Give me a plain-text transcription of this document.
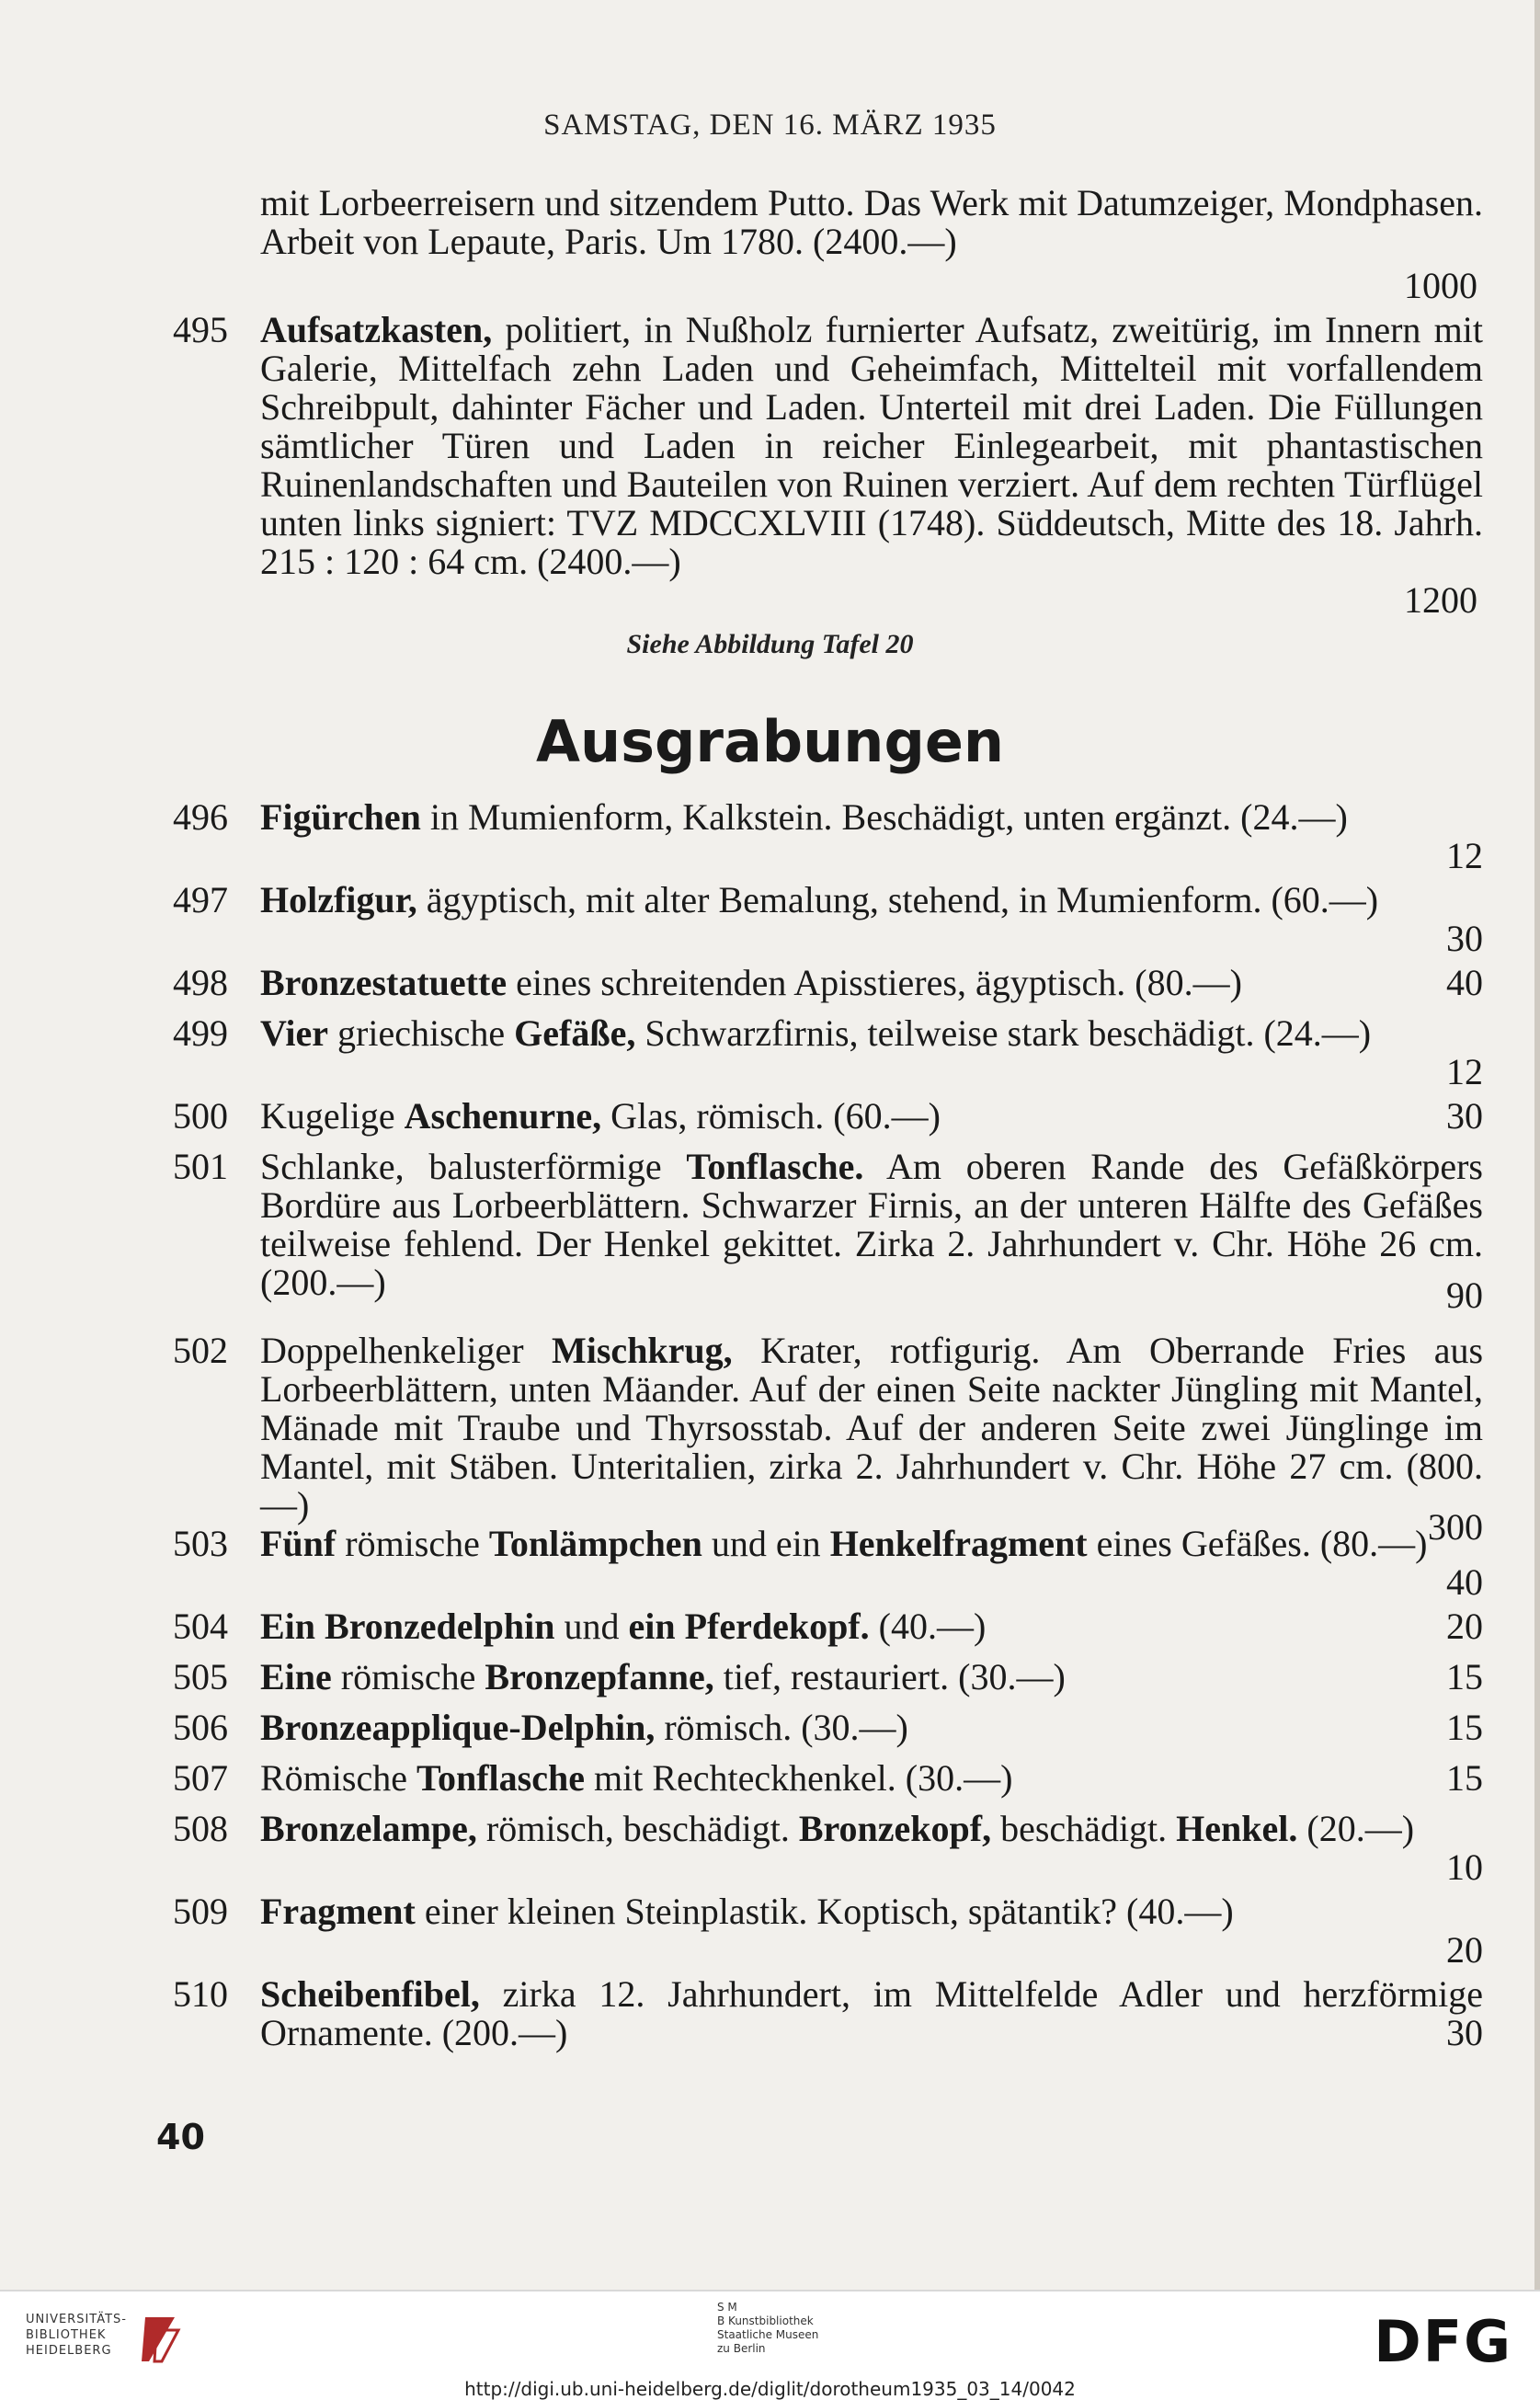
SAMSTAG, DEN 16. MÄRZ 1935
mit Lorbeerreisern und sitzendem Putto. Das Werk mit Datumzeiger, Mondphasen. Arbeit von Lepaute, Paris. Um 1780. (2400.—)
1000
495 Aufsatzkasten, politiert, in Nußholz furnierter Aufsatz, zweitürig, im Innern mit Galerie, Mittelfach zehn Laden und Geheimfach, Mittelteil mit vorfallendem Schreibpult, dahinter Fächer und Laden. Unterteil mit drei Laden. Die Füllungen sämtlicher Türen und Laden in reicher Einlegearbeit, mit phantastischen Ruinenlandschaften und Bauteilen von Ruinen verziert. Auf dem rechten Türflügel unten links signiert: TVZ MDCCXLVIII (1748). Süddeutsch, Mitte des 18. Jahrh. 215 : 120 : 64 cm. (2400.—)
1200
Siehe Abbildung Tafel 20
Ausgrabungen
496 Figürchen in Mumienform, Kalkstein. Beschädigt, unten ergänzt. (24.—)
12
497 Holzfigur, ägyptisch, mit alter Bemalung, stehend, in Mumienform. (60.—)
30
498 Bronzestatuette eines schreitenden Apisstieres, ägyptisch. (80.—)	40
499 Vier griechische Gefäße, Schwarzfirnis, teilweise stark beschädigt. (24.—)
12
500 Kugelige Aschenurne, Glas, römisch. (60.—)	30
501 Schlanke, balusterförmige Tonflasche. Am oberen Rande des Gefäßkörpers Bordüre aus Lorbeerblättern. Schwarzer Firnis, an der unteren Hälfte des Gefäßes teilweise fehlend. Der Henkel gekittet. Zirka 2. Jahrhundert v. Chr. Höhe 26 cm. (200.—)	90
502 Doppelhenkeliger Mischkrug, Krater, rotfigurig. Am Oberrande Fries aus Lorbeerblättern, unten Mäander. Auf der einen Seite nackter Jüngling mit Mantel, Mänade mit Traube und Thyrsosstab. Auf der anderen Seite zwei Jünglinge im Mantel, mit Stäben. Unteritalien, zirka 2. Jahrhundert v. Chr. Höhe 27 cm. (800.—)
300
503 Fünf römische Tonlämpchen und ein Henkelfragment eines Gefäßes. (80.—)
40
504 Ein Bronzedelphin und ein Pferdekopf. (40.—)	20
505 Eine römische Bronzepfanne, tief, restauriert. (30.—)	15
506 Bronzeapplique-Delphin, römisch. (30.—)	15
507 Römische Tonflasche mit Rechteckhenkel. (30.—)	15
508 Bronzelampe, römisch, beschädigt. Bronzekopf, beschädigt. Henkel. (20.—)
10
509 Fragment einer kleinen Steinplastik. Koptisch, spätantik? (40.—)
20
510 Scheibenfibel, zirka 12. Jahrhundert, im Mittelfelde Adler und herzförmige Ornamente. (200.—)	30
40
UNIVERSITÄTS-
BIBLIOTHEK
HEIDELBERG
S M
B Kunstbibliothek
Staatliche Museen
zu Berlin	DFG
http://digi.ub.uni-heidelberg.de/diglit/dorotheum1935_03_14/0042
